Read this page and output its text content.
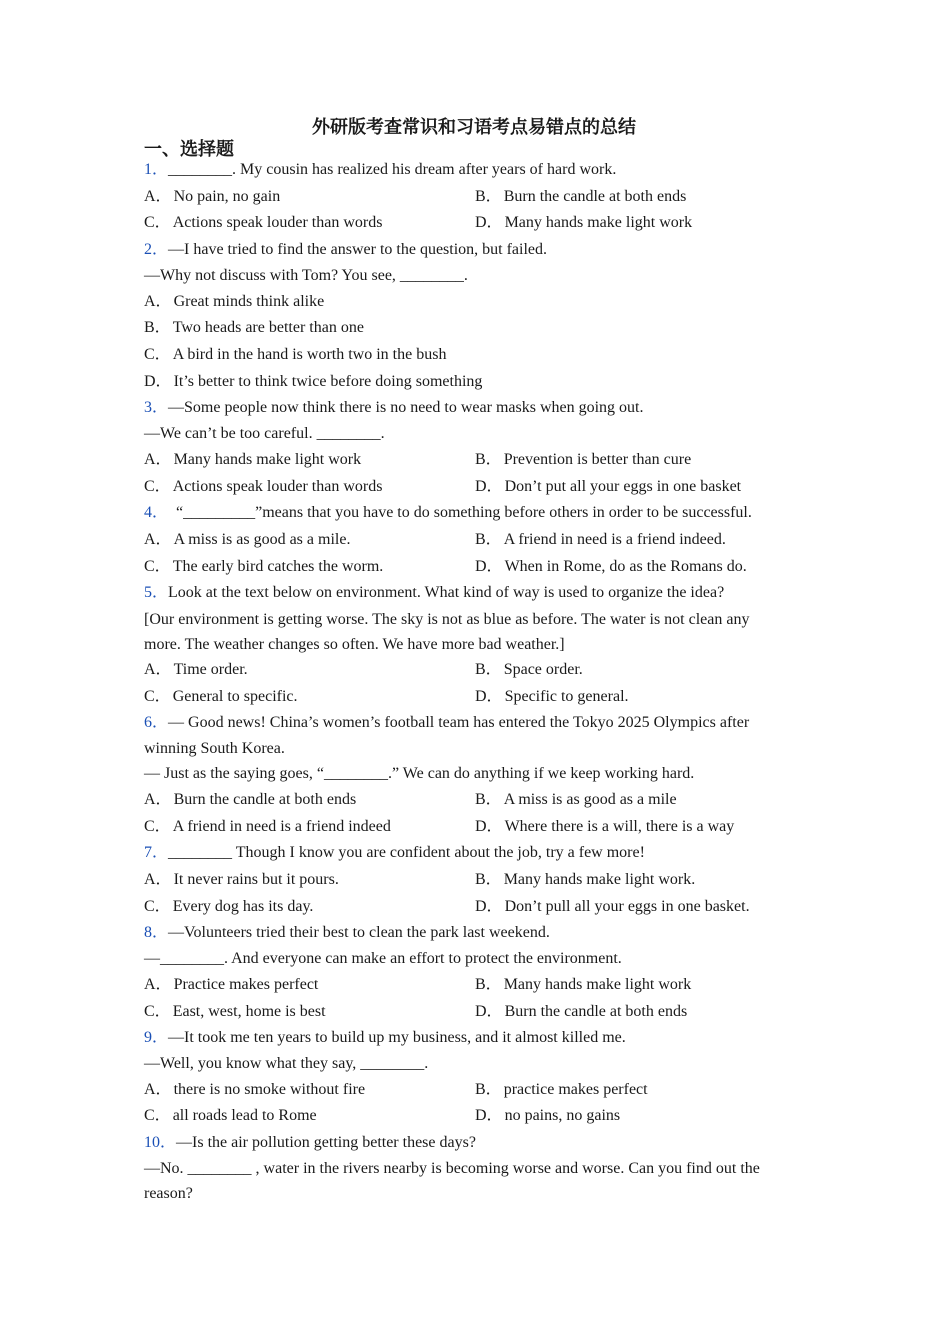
外研版考查常识和习语考点易错点的总结
一、选择题
1．________. My cousin has realized his dream after years of hard work.
A． No pain, no gain	B． Burn the candle at both ends
C． Actions speak louder than words	D． Many hands make light work
2．—I have tried to find the answer to the question, but failed.
—Why not discuss with Tom? You see, ________.
A． Great minds think alike
B． Two heads are better than one
C． A bird in the hand is worth two in the bush
D． It’s better to think twice before doing something
3．—Some people now think there is no need to wear masks when going out.
—We can’t be too careful. ________.
A． Many hands make light work	B． Prevention is better than cure
C． Actions speak louder than words	D． Don’t put all your eggs in one basket
4． “_________”means that you have to do something before others in order to be successful.
A． A miss is as good as a mile.	B． A friend in need is a friend indeed.
C． The early bird catches the worm.	D． When in Rome, do as the Romans do.
5．Look at the text below on environment. What kind of way is used to organize the idea?
[Our environment is getting worse. The sky is not as blue as before. The water is not clean any
more. The weather changes so often. We have more bad weather.]
A． Time order.	B． Space order.
C． General to specific.	D． Specific to general.
6．— Good news! China’s women’s football team has entered the Tokyo 2025 Olympics after
winning South Korea.
— Just as the saying goes, “________.” We can do anything if we keep working hard.
A． Burn the candle at both ends	B． A miss is as good as a mile
C． A friend in need is a friend indeed	D． Where there is a will, there is a way
7．________ Though I know you are confident about the job, try a few more!
A． It never rains but it pours.	B． Many hands make light work.
C． Every dog has its day.	D． Don’t pull all your eggs in one basket.
8．—Volunteers tried their best to clean the park last weekend.
—________. And everyone can make an effort to protect the environment.
A． Practice makes perfect	B． Many hands make light work
C． East, west, home is best	D． Burn the candle at both ends
9．—It took me ten years to build up my business, and it almost killed me.
—Well, you know what they say, ________.
A． there is no smoke without fire	B． practice makes perfect
C． all roads lead to Rome	D． no pains, no gains
10．—Is the air pollution getting better these days?
—No. ________ , water in the rivers nearby is becoming worse and worse. Can you find out the
reason?
